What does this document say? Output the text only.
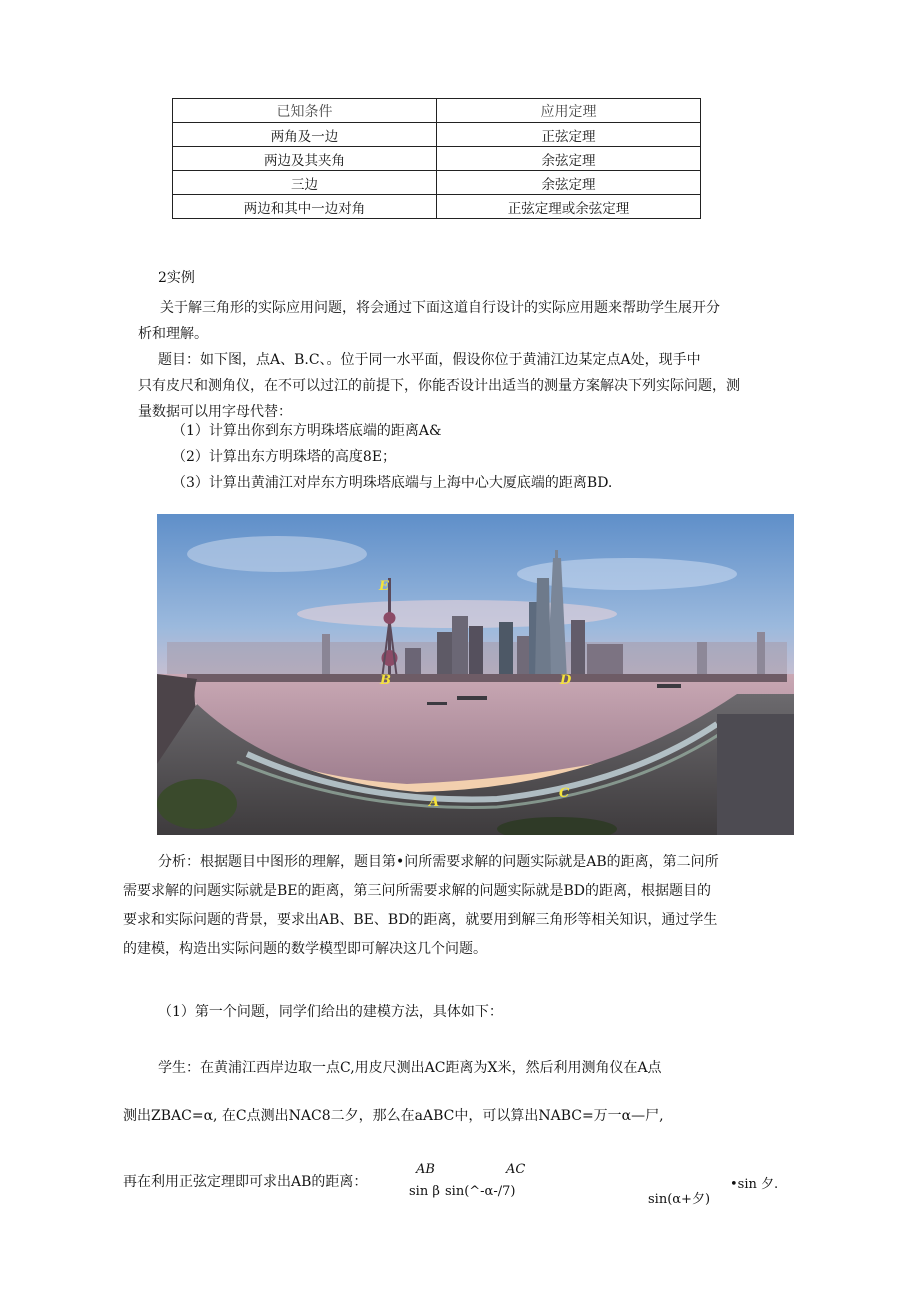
已知条件	应用定理
两角及一边	正弦定理
两边及其夹角	余弦定理
三边	余弦定理
两边和其中一边对角	正弦定理或余弦定理
2实例
关于解三角形的实际应用问题，将会通过下面这道自行设计的实际应用题来帮助学生展开分
析和理解。
题目：如下图，点A、B.C、。位于同一水平面，假设你位于黄浦江边某定点A处，现手中
只有皮尺和测角仪，在不可以过江的前提下，你能否设计出适当的测量方案解决下列实际问题，测
量数据可以用字母代替：
（1）计算出你到东方明珠塔底端的距离A&
（2）计算出东方明珠塔的高度8E；
（3）计算出黄浦江对岸东方明珠塔底端与上海中心大厦底端的距离BD.
E
B	D
A
C
分析：根据题目中图形的理解，题目第•问所需要求解的问题实际就是AB的距离，第二问所
需要求解的问题实际就是BE的距离，第三问所需要求解的问题实际就是BD的距离，根据题目的
要求和实际问题的背景，要求出AB、BE、BD的距离，就要用到解三角形等相关知识，通过学生
的建模，构造出实际问题的数学模型即可解决这几个问题。
（1）第一个问题，同学们给出的建模方法，具体如下：
学生：在黄浦江西岸边取一点C,用皮尺测出AC距离为X米，然后利用测角仪在A点
测出ZBAC=α, 在C点测出NAC8二夕，那么在aABC中，可以算出NABC=万一α—尸,
再在利用正弦定理即可求出AB的距离：
AB	AC
sin β sin(^-α-/7)
sin(α+夕)
•sin 夕.
